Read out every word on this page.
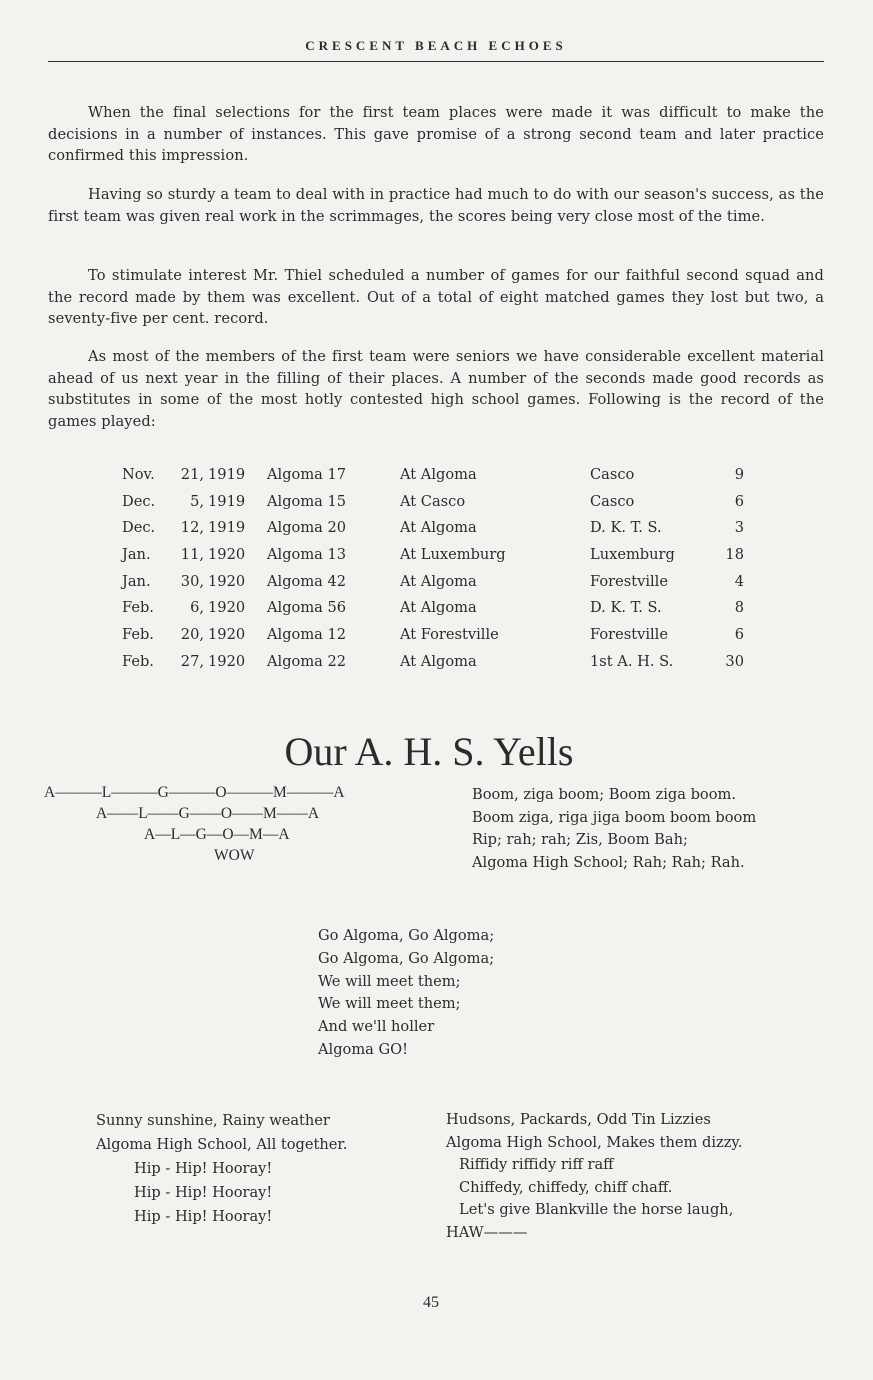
CRESCENT BEACH ECHOES

When the final selections for the first team places were made it was difficult to make the decisions in a number of instances. This gave promise of a strong second team and later practice confirmed this impression.

Having so sturdy a team to deal with in practice had much to do with our season's success, as the first team was given real work in the scrimmages, the scores being very close most of the time.

To stimulate interest Mr. Thiel scheduled a number of games for our faithful second squad and the record made by them was excellent. Out of a total of eight matched games they lost but two, a seventy-five per cent. record.

As most of the members of the first team were seniors we have considerable excellent material ahead of us next year in the filling of their places. A number of the seconds made good records as substitutes in some of the most hotly contested high school games. Following is the record of the games played:

Nov.	21, 1919 Algoma 17	At Algoma	Casco	9
Dec.	5, 1919 Algoma 15	At Casco	Casco	6
Dec.	12, 1919 Algoma 20	At Algoma	D. K. T. S.	3
Jan.	11, 1920 Algoma 13	At Luxemburg	Luxemburg	18
Jan.	30, 1920 Algoma 42	At Algoma	Forestville	4
Feb.	6, 1920 Algoma 56	At Algoma	D. K. T. S.	8
Feb.	20, 1920 Algoma 12	At Forestville	Forestville	6
Feb.	27, 1920 Algoma 22	At Algoma	1st A. H. S.	30
Our A. H. S. Yells
A———L———G———O———M———A
A——L——G——O——M——A
A—L—G—O—M—A
WOW
Boom, ziga boom; Boom ziga boom.
Boom ziga, riga jiga boom boom boom
Rip; rah; rah; Zis, Boom Bah;
Algoma High School; Rah; Rah; Rah.
Go Algoma, Go Algoma;
Go Algoma, Go Algoma;
We will meet them;
We will meet them;
And we'll holler
Algoma GO!
Sunny sunshine, Rainy weather
Algoma High School, All together.
Hip - Hip! Hooray!
Hip - Hip! Hooray!
Hip - Hip! Hooray!
Hudsons, Packards, Odd Tin Lizzies
Algoma High School, Makes them dizzy.
Riffidy riffidy riff raff
Chiffedy, chiffedy, chiff chaff.
Let's give Blankville the horse laugh,
HAW———
45
